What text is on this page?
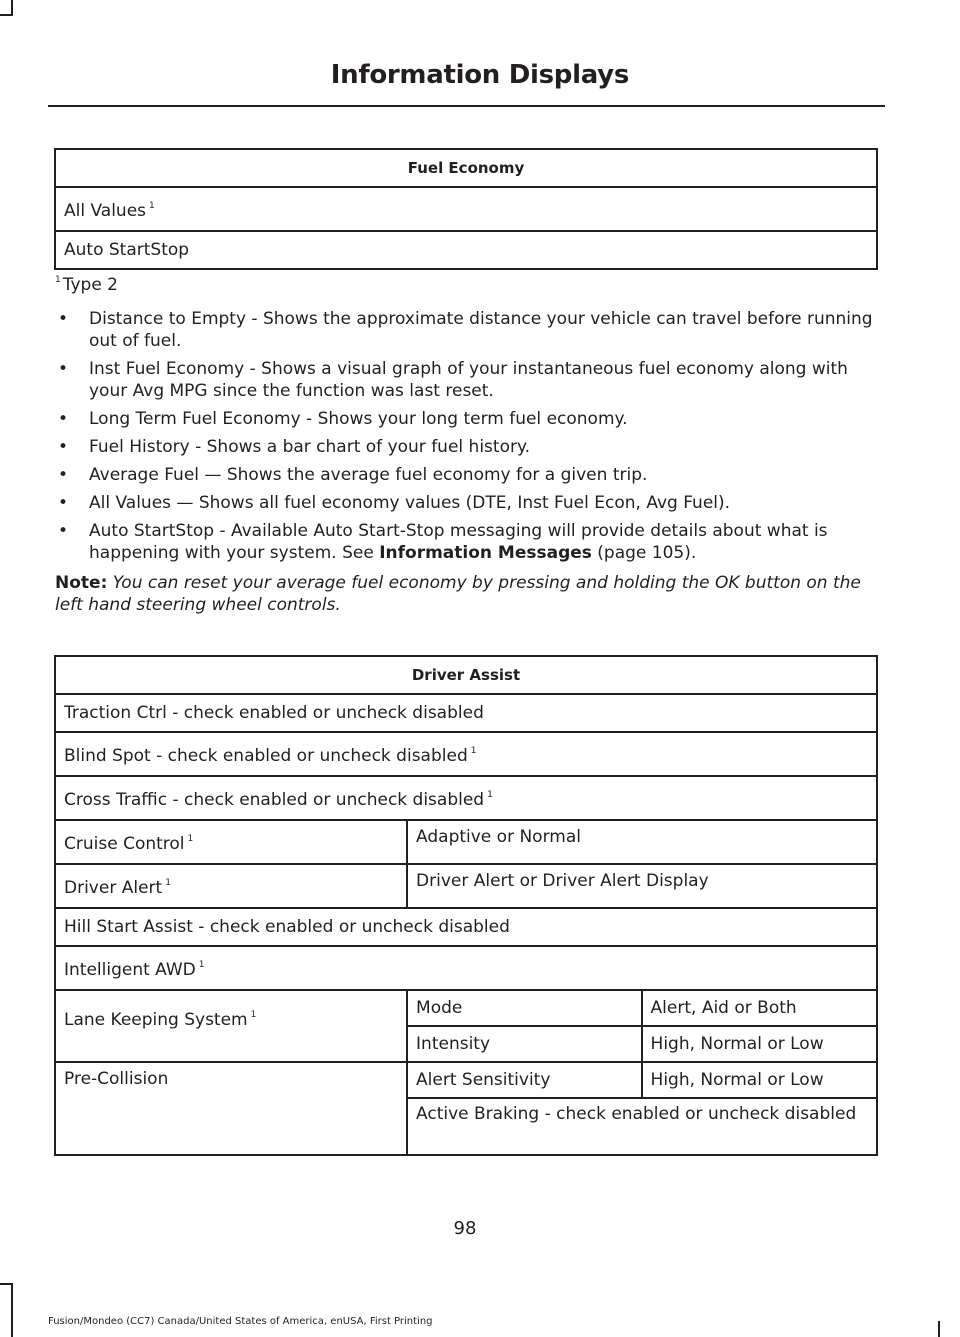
Information Displays
Fuel Economy
All Values $^1$
Auto StartStop
$^1$ Type 2
• Distance to Empty - Shows the approximate distance your vehicle can travel before running out of fuel.
• Inst Fuel Economy - Shows a visual graph of your instantaneous fuel economy along with your Avg MPG since the function was last reset.
• Long Term Fuel Economy - Shows your long term fuel economy.
• Fuel History - Shows a bar chart of your fuel history.
• Average Fuel — Shows the average fuel economy for a given trip.
• All Values — Shows all fuel economy values (DTE, Inst Fuel Econ, Avg Fuel).
• Auto StartStop - Available Auto Start-Stop messaging will provide details about what is happening with your system. See Information Messages (page 105).
Note: You can reset your average fuel economy by pressing and holding the OK button on the left hand steering wheel controls.
Driver Assist		
Traction Ctrl - check enabled or uncheck disabled		
Blind Spot - check enabled or uncheck disabled $^1$
Cross Traffic - check enabled or uncheck disabled $^1$
Cruise Control $^1$	Adaptive or Normal	
Driver Alert $^1$	Driver Alert or Driver Alert Display	
Hill Start Assist - check enabled or uncheck disabled		
Intelligent AWD $^1$
Lane Keeping System $^1$	Mode	Alert, Aid or Both
	Intensity	High, Normal or Low
Pre-Collision	Alert Sensitivity	High, Normal or Low
	Active Braking - check enabled or uncheck disabled	
98
Fusion/Mondeo (CC7) Canada/United States of America, enUSA, First Printing
